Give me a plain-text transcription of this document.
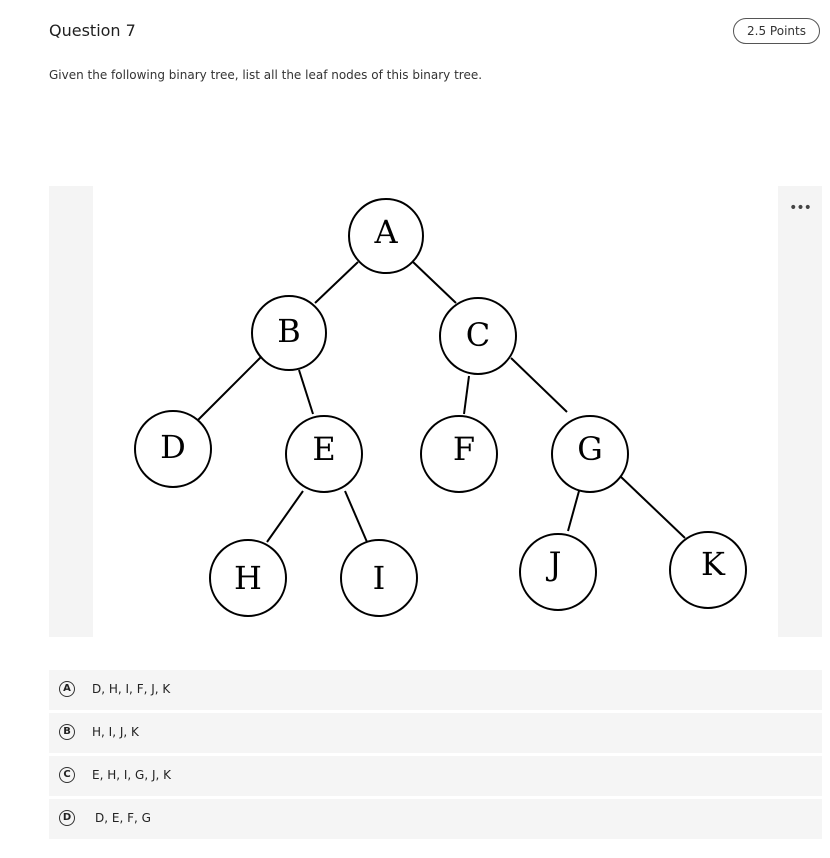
Question 7	2.5 Points

Given the following binary tree, list all the leaf nodes of this binary tree.

•••
A
B	C
D	E	F	G
H	I	J	K
A	D, H, I, F, J, K
B	H, I, J, K
C	E, H, I, G, J, K
D	D, E, F, G
